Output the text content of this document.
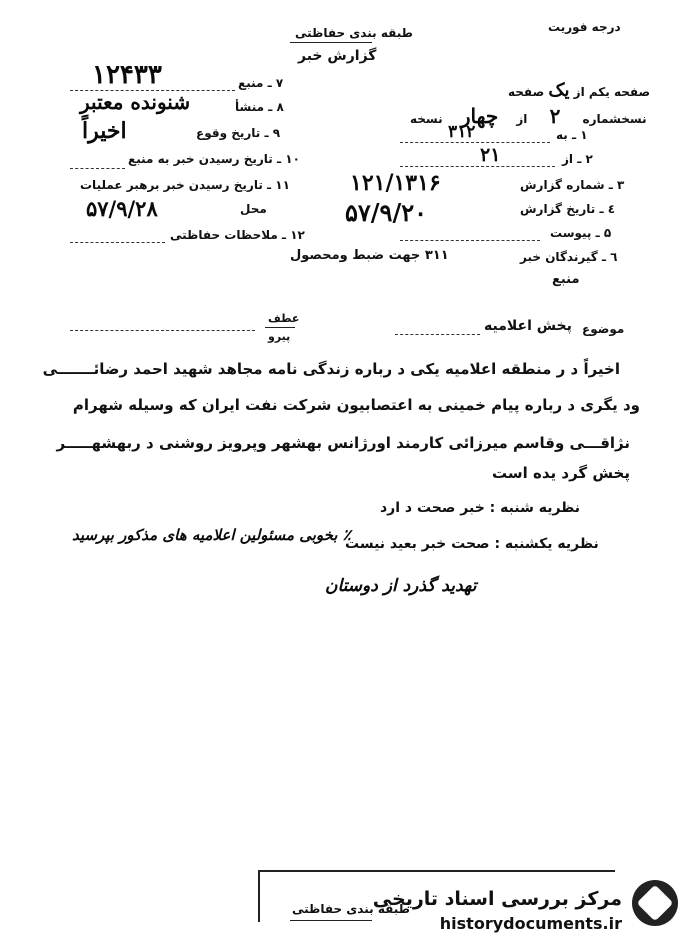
طبقه بندی حفاظتی	درجه فوریت
گزارش خبر
صفحه یکم از یک صفحه
نسخشماره ۲ از چهار نسخه
۱ ـ به
۳۱۲
۲ ـ از
۲۱
۳ ـ شماره گزارش
۱۲۱/۱۳۱۶
٤ ـ تاریخ گزارش
۵۷/۹/۲۰
۵ ـ پیوست
٦ ـ گیرندگان خبر
۳۱۱ جهت ضبط ومحصول
منبع
۷ ـ منبع
۱۲۴۳۳
۸ ـ منشأ
شنونده معتبر
۹ ـ تاریخ وقوع
اخیراً
۱۰ ـ تاریخ رسیدن خبر به منبع
۱۱ ـ تاریخ رسیدن خبر برهبر عملیات
محل
۵۷/۹/۲۸
۱۲ ـ ملاحظات حفاظتی
عطف
پیرو
موضوع
پخش اعلامیه
اخیراً د ر منطقه اعلامیه یکی د رباره زندگی نامه مجاهد شهید احمد رضائـــــــی
ود یگری د رباره پیام خمینی به اعتصابیون شرکت نفت ایران که وسیله شهرام
نژاقـــی وقاسم میرزائی کارمند اورژانس بهشهر وپرویز روشنی د ربهشهـــــر
پخش گرد یده است
نظریه شنبه : خبر صحت د ارد
نظریه یکشنبه : صحت خبر بعید نیست
٪ بخوبی مسئولین اعلامیه های مذکور بپرسید
تهدید گذرد از دوستان
طبقه بندی حفاظتی
مرکز بررسی اسناد تاریخی
historydocuments.ir
